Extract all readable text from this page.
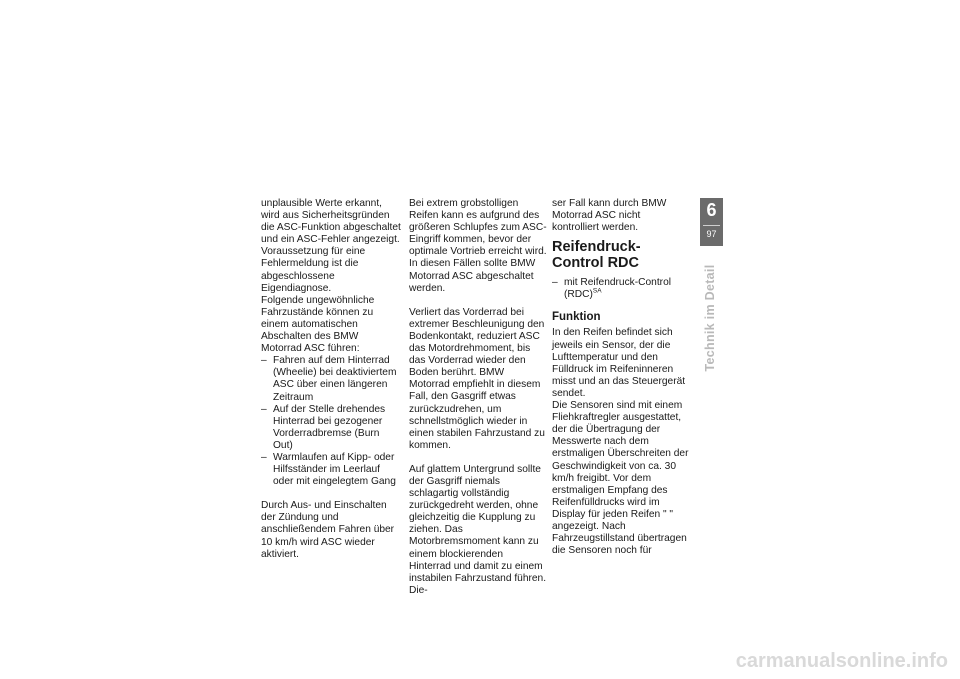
unplausible Werte erkannt, wird aus Sicherheitsgründen die ASC-Funktion abgeschaltet und ein ASC-Fehler angezeigt. Voraussetzung für eine Fehlermeldung ist die abgeschlossene Eigendiagnose.

Folgende ungewöhnliche Fahrzustände können zu einem automatischen Abschalten des BMW Motorrad ASC führen:

– Fahren auf dem Hinterrad (Wheelie) bei deaktiviertem ASC über einen längeren Zeitraum

– Auf der Stelle drehendes Hinterrad bei gezogener Vorderradbremse (Burn Out)

– Warmlaufen auf Kipp- oder Hilfsständer im Leerlauf oder mit eingelegtem Gang

Durch Aus- und Einschalten der Zündung und anschließendem Fahren über 10 km/h wird ASC wieder aktiviert.

Bei extrem grobstolligen Reifen kann es aufgrund des größeren Schlupfes zum ASC-Eingriff kommen, bevor der optimale Vortrieb erreicht wird. In diesen Fällen sollte BMW Motorrad ASC abgeschaltet werden.

Verliert das Vorderrad bei extremer Beschleunigung den Bodenkontakt, reduziert ASC das Motordrehmoment, bis das Vorderrad wieder den Boden berührt. BMW Motorrad empfiehlt in diesem Fall, den Gasgriff etwas zurückzudrehen, um schnellstmöglich wieder in einen stabilen Fahrzustand zu kommen.

Auf glattem Untergrund sollte der Gasgriff niemals schlagartig vollständig zurückgedreht werden, ohne gleichzeitig die Kupplung zu ziehen. Das Motorbremsmoment kann zu einem blockierenden Hinterrad und damit zu einem instabilen Fahrzustand führen. Die-

ser Fall kann durch BMW Motorrad ASC nicht kontrolliert werden.

Reifendruck-Control RDC

– mit Reifendruck-Control (RDC)$^{SA}$

Funktion

In den Reifen befindet sich jeweils ein Sensor, der die Lufttemperatur und den Fülldruck im Reifeninneren misst und an das Steuergerät sendet.

Die Sensoren sind mit einem Fliehkraftregler ausgestattet, der die Übertragung der Messwerte nach dem erstmaligen Überschreiten der Geschwindigkeit von ca. 30 km/h freigibt. Vor dem erstmaligen Empfang des Reifenfülldrucks wird im Display für jeden Reifen " " angezeigt. Nach Fahrzeugstillstand übertragen die Sensoren noch für

6
97
Technik im Detail
carmanualsonline.info
